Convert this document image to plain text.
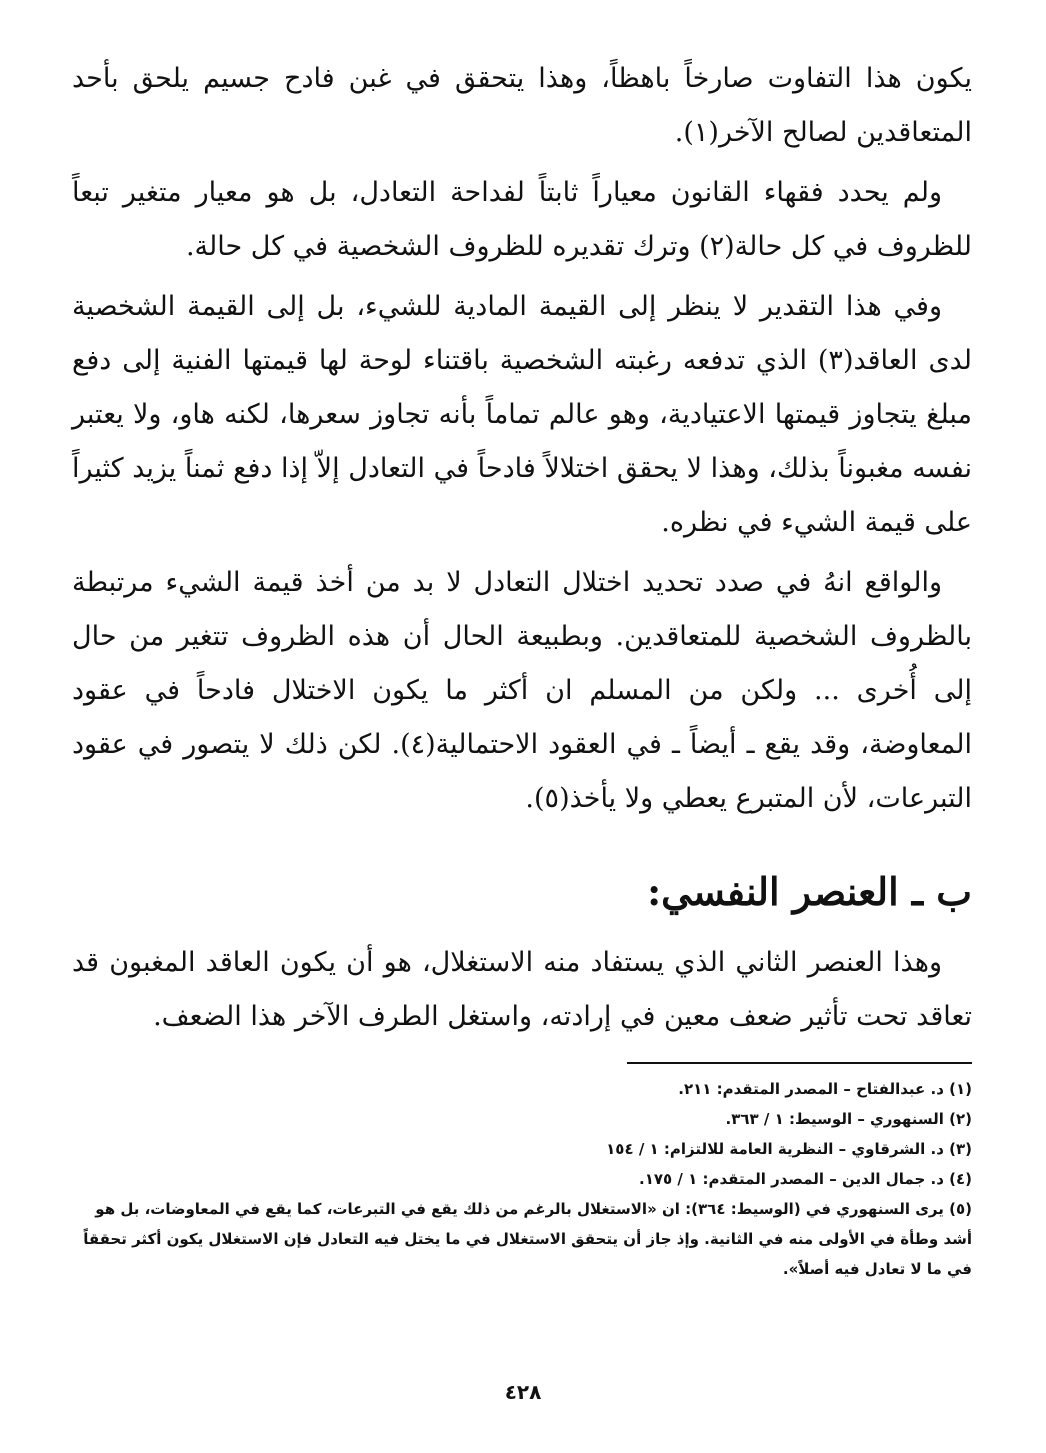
يكون هذا التفاوت صارخاً باهظاً، وهذا يتحقق في غبن فادح جسيم يلحق بأحد المتعاقدين لصالح الآخر(١).

ولم يحدد فقهاء القانون معياراً ثابتاً لفداحة التعادل، بل هو معيار متغير تبعاً للظروف في كل حالة(٢) وترك تقديره للظروف الشخصية في كل حالة.

وفي هذا التقدير لا ينظر إلى القيمة المادية للشيء، بل إلى القيمة الشخصية لدى العاقد(٣) الذي تدفعه رغبته الشخصية باقتناء لوحة لها قيمتها الفنية إلى دفع مبلغ يتجاوز قيمتها الاعتيادية، وهو عالم تماماً بأنه تجاوز سعرها، لكنه هاو، ولا يعتبر نفسه مغبوناً بذلك، وهذا لا يحقق اختلالاً فادحاً في التعادل إلاّ إذا دفع ثمناً يزيد كثيراً على قيمة الشيء في نظره.

والواقع انهُ في صدد تحديد اختلال التعادل لا بد من أخذ قيمة الشيء مرتبطة بالظروف الشخصية للمتعاقدين. وبطبيعة الحال أن هذه الظروف تتغير من حال إلى أُخرى ... ولكن من المسلم ان أكثر ما يكون الاختلال فادحاً في عقود المعاوضة، وقد يقع ـ أيضاً ـ في العقود الاحتمالية(٤). لكن ذلك لا يتصور في عقود التبرعات، لأن المتبرع يعطي ولا يأخذ(٥).

ب ـ العنصر النفسي:

وهذا العنصر الثاني الذي يستفاد منه الاستغلال، هو أن يكون العاقد المغبون قد تعاقد تحت تأثير ضعف معين في إرادته، واستغل الطرف الآخر هذا الضعف.

(١) د. عبدالفتاح – المصدر المتقدم: ٢١١.

(٢) السنهوري – الوسيط: ١ / ٣٦٣.

(٣) د. الشرقاوي – النظرية العامة للالتزام: ١ / ١٥٤

(٤) د. جمال الدين – المصدر المتقدم: ١ / ١٧٥.

(٥) يرى السنهوري في (الوسيط: ٣٦٤): ان «الاستغلال بالرغم من ذلك يقع في التبرعات، كما يقع في المعاوضات، بل هو أشد وطأة في الأولى منه في الثانية. وإذ جاز أن يتحقق الاستغلال في ما يختل فيه التعادل فإن الاستغلال يكون أكثر تحققاً في ما لا تعادل فيه أصلاً».

٤٢٨
